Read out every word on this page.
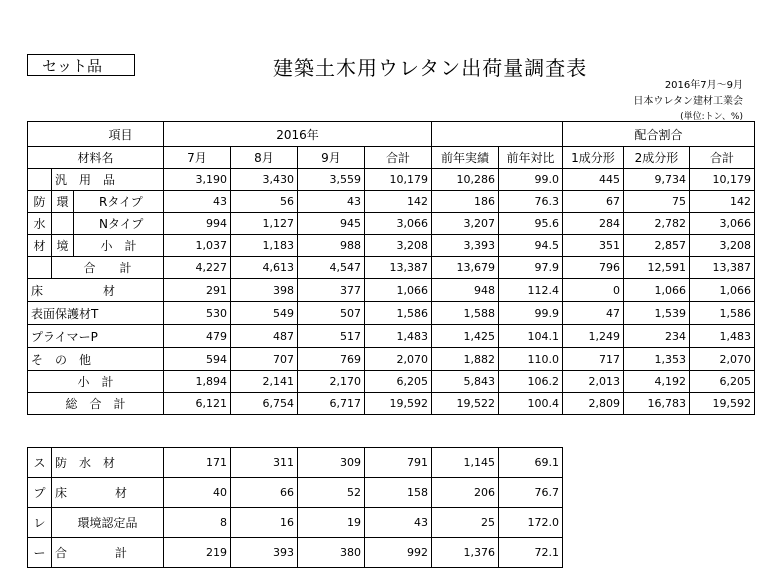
セット品	建築土木用ウレタン出荷量調査表
2016年7月～9月
日本ウレタン建材工業会
(単位:トン、%)
項目			2016年						配合割合		
材料名			7月	8月	9月	合計	前年実績	前年対比	1成分形	2成分形	合計
	汎　用　品		3,190	3,430	3,559	10,179	10,286	99.0	445	9,734	10,179
防	環	Rタイプ	43	56	43	142	186	76.3	67	75	142
水		Nタイプ	994	1,127	945	3,066	3,207	95.6	284	2,782	3,066
材	境	小　計	1,037	1,183	988	3,208	3,393	94.5	351	2,857	3,208
	合　　計		4,227	4,613	4,547	13,387	13,679	97.9	796	12,591	13,387
床　　　　　材			291	398	377	1,066	948	112.4	0	1,066	1,066
表面保護材T			530	549	507	1,586	1,588	99.9	47	1,539	1,586
プライマーP			479	487	517	1,483	1,425	104.1	1,249	234	1,483
そ　の　他			594	707	769	2,070	1,882	110.0	717	1,353	2,070
小　計			1,894	2,141	2,170	6,205	5,843	106.2	2,013	4,192	6,205
総　合　計			6,121	6,754	6,717	19,592	19,522	100.4	2,809	16,783	19,592
ス	防　水　材	171	311	309	791	1,145	69.1
プ	床　　　　材	40	66	52	158	206	76.7
レ	環境認定品	8	16	19	43	25	172.0
ー	合　　　　計	219	393	380	992	1,376	72.1
